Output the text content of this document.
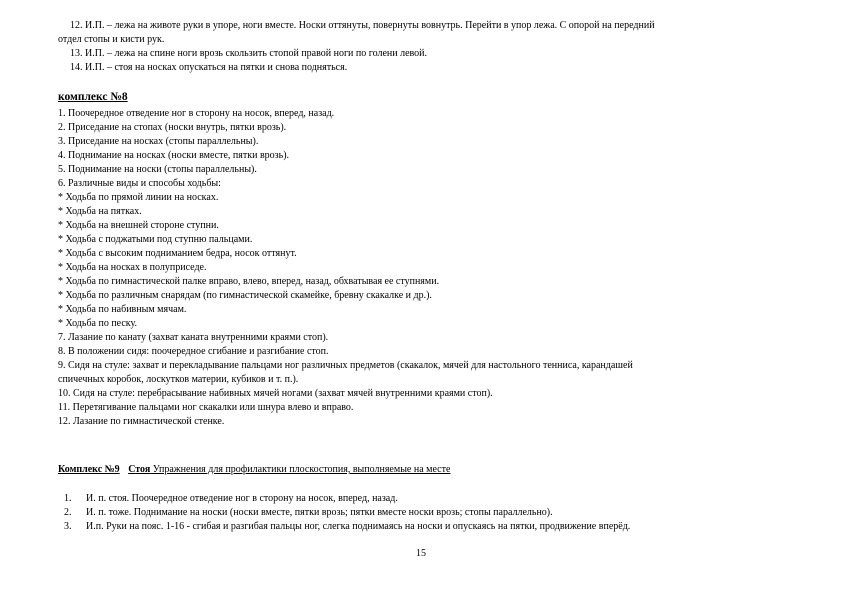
12. И.П. – лежа на животе руки в упоре, ноги вместе. Носки оттянуты, повернуты вовнутрь. Перейти в упор лежа. С опорой на передний
отдел стопы и кисти рук.
13. И.П. – лежа на спине ноги врозь скользить стопой правой ноги по голени левой.
14. И.П. – стоя на носках опускаться на пятки и снова подняться.
комплекс №8
1. Поочередное отведение ног в сторону на носок, вперед, назад.
2. Приседание на стопах (носки внутрь, пятки врозь).
3. Приседание на носках (стопы параллельны).
4. Поднимание на носках (носки вместе, пятки врозь).
5. Поднимание на носки (стопы параллельны).
6. Различные виды и способы ходьбы:
* Ходьба по прямой линии на носках.
* Ходьба на пятках.
* Ходьба на внешней стороне ступни.
* Ходьба с поджатыми под ступню пальцами.
* Ходьба с высоким подниманием бедра, носок оттянут.
* Ходьба на носках в полуприседе.
* Ходьба по гимнастической палке вправо, влево, вперед, назад, обхватывая ее ступнями.
* Ходьба по различным снарядам (по гимнастической скамейке, бревну скакалке и др.).
* Ходьба по набивным мячам.
* Ходьба по песку.
7. Лазание по канату (захват каната внутренними краями стоп).
8. В положении сидя: поочередное сгибание и разгибание стоп.
9. Сидя на стуле: захват и перекладывание пальцами ног различных предметов (скакалок, мячей для настольного тенниса, карандашей
спичечных коробок, лоскутков материи, кубиков и т. п.).
10. Сидя на стуле: перебрасывание набивных мячей ногами (захват мячей внутренними краями стоп).
11. Перетягивание пальцами ног скакалки или шнура влево и вправо.
12. Лазание по гимнастической стенке.
Комплекс №9 Стоя Упражнения для профилактики плоскостопия, выполняемые на месте
1. И. п. стоя. Поочередное отведение ног в сторону на носок, вперед, назад.
2. И. п. тоже. Поднимание на носки (носки вместе, пятки врозь; пятки вместе носки врозь; стопы параллельно).
3. И.п. Руки на пояс. 1-16 - сгибая и разгибая пальцы ног, слегка поднимаясь на носки и опускаясь на пятки, продвижение вперёд.
15
